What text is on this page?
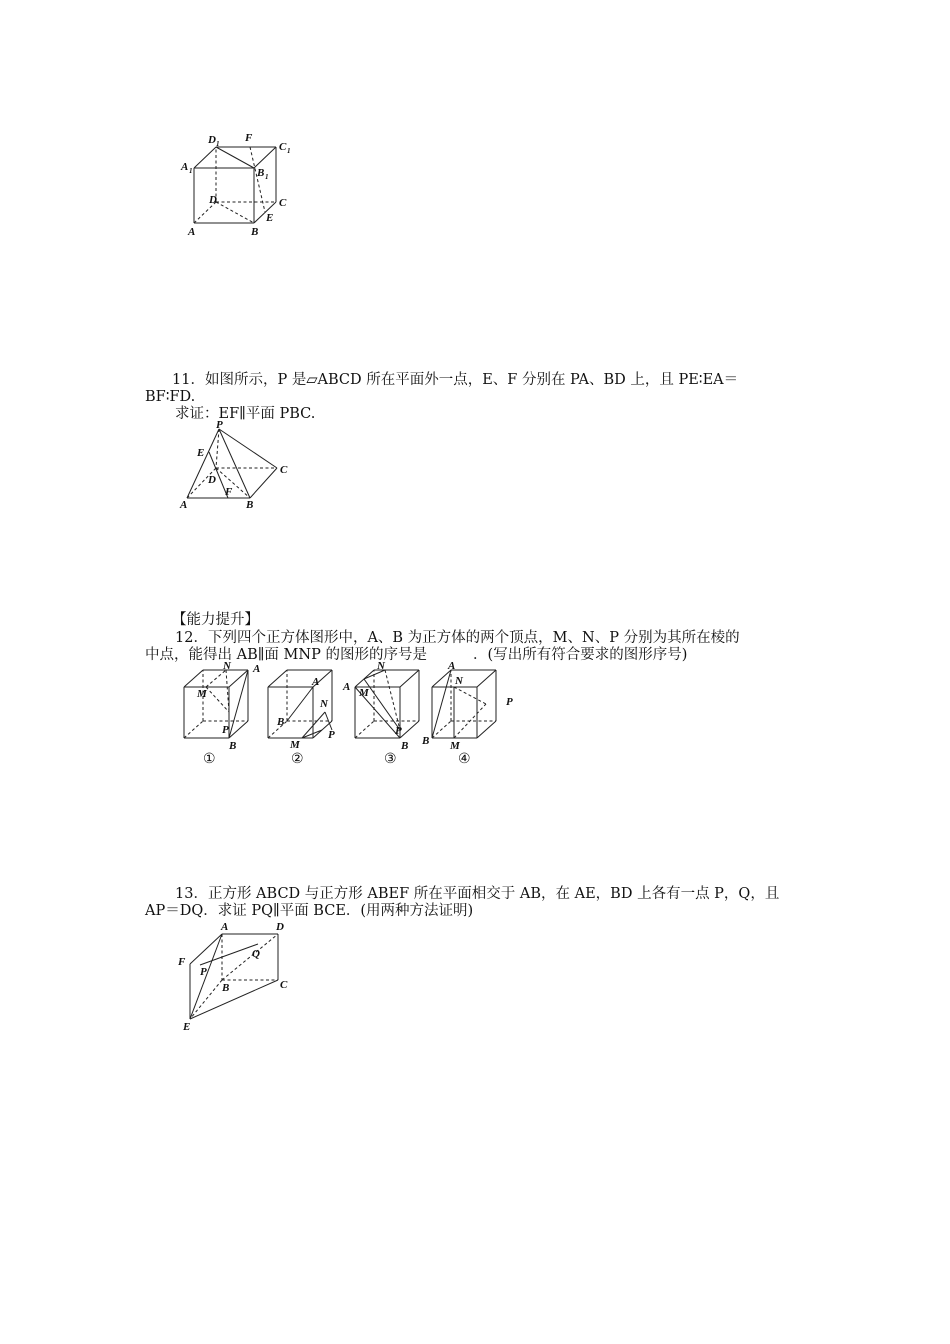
D 1 F
C 1
A 1	B 1
D	C
E
A	B
11．如图所示，P 是▱ABCD 所在平面外一点，E、F 分别在 PA、BD 上，且 PE∶EA＝
BF∶FD.
求证：EF∥平面 PBC.
P
E
C
D
F
A	B
【能力提升】
12．下列四个正方体图形中，A、B 为正方体的两个顶点，M、N、P 分别为其所在棱的
中点，能得出 AB∥面 MNP 的图形的序号是          ．(写出所有符合要求的图形序号)
N A
M
P
B
A
B
N
P
M
A
N
M
P
B
A
N
P
B M
①	②	③	④
13．正方形 ABCD 与正方形 ABEF 所在平面相交于 AB，在 AE，BD 上各有一点 P，Q，且
AP＝DQ．求证 PQ∥平面 BCE．(用两种方法证明)
A	D
F
P
Q
B	C
E
